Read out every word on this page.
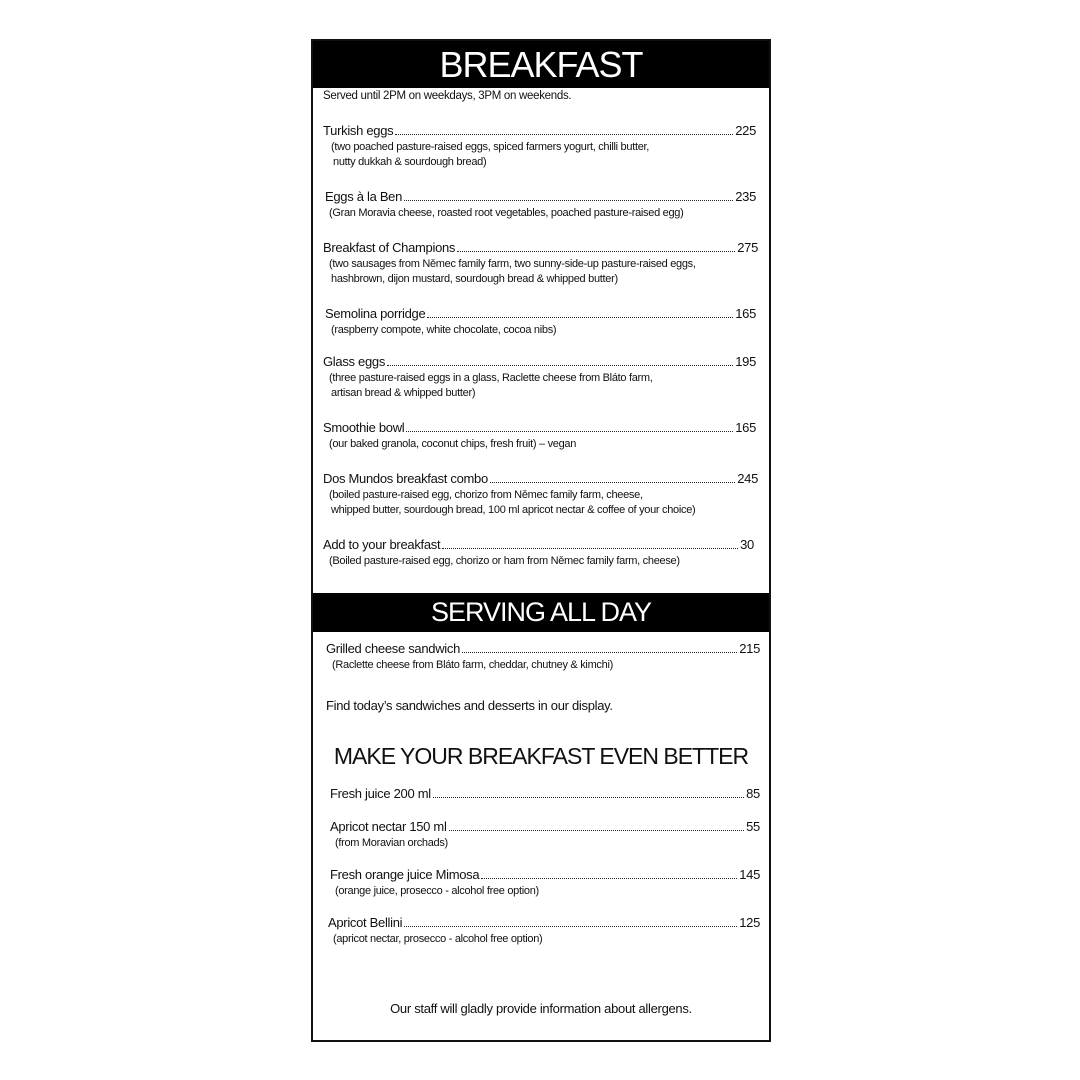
BREAKFAST
Served until 2PM on weekdays, 3PM on weekends.
Turkish eggs	225
(two poached pasture-raised eggs, spiced farmers yogurt, chilli butter,
nutty dukkah & sourdough bread)
Eggs à la Ben	235
(Gran Moravia cheese, roasted root vegetables, poached pasture-raised egg)
Breakfast of Champions	275
(two sausages from Němec family farm, two sunny-side-up pasture-raised eggs,
hashbrown, dijon mustard, sourdough bread & whipped butter)
Semolina porridge	165
(raspberry compote, white chocolate, cocoa nibs)
Glass eggs	195
(three pasture-raised eggs in a glass, Raclette cheese from Bláto farm,
artisan bread & whipped butter)
Smoothie bowl	165
(our baked granola, coconut chips, fresh fruit) – vegan
Dos Mundos breakfast combo	245
(boiled pasture-raised egg, chorizo from Němec family farm, cheese,
whipped butter, sourdough bread, 100 ml apricot nectar & coffee of your choice)
Add to your breakfast	30
(Boiled pasture-raised egg, chorizo or ham from Němec family farm, cheese)
SERVING ALL DAY
Grilled cheese sandwich	215
(Raclette cheese from Bláto farm, cheddar, chutney & kimchi)
Find today’s sandwiches and desserts in our display.
MAKE YOUR BREAKFAST EVEN BETTER
Fresh juice 200 ml	85
Apricot nectar 150 ml	55
(from Moravian orchads)
Fresh orange juice Mimosa	145
(orange juice, prosecco - alcohol free option)
Apricot Bellini	125
(apricot nectar, prosecco - alcohol free option)
Our staff will gladly provide information about allergens.
